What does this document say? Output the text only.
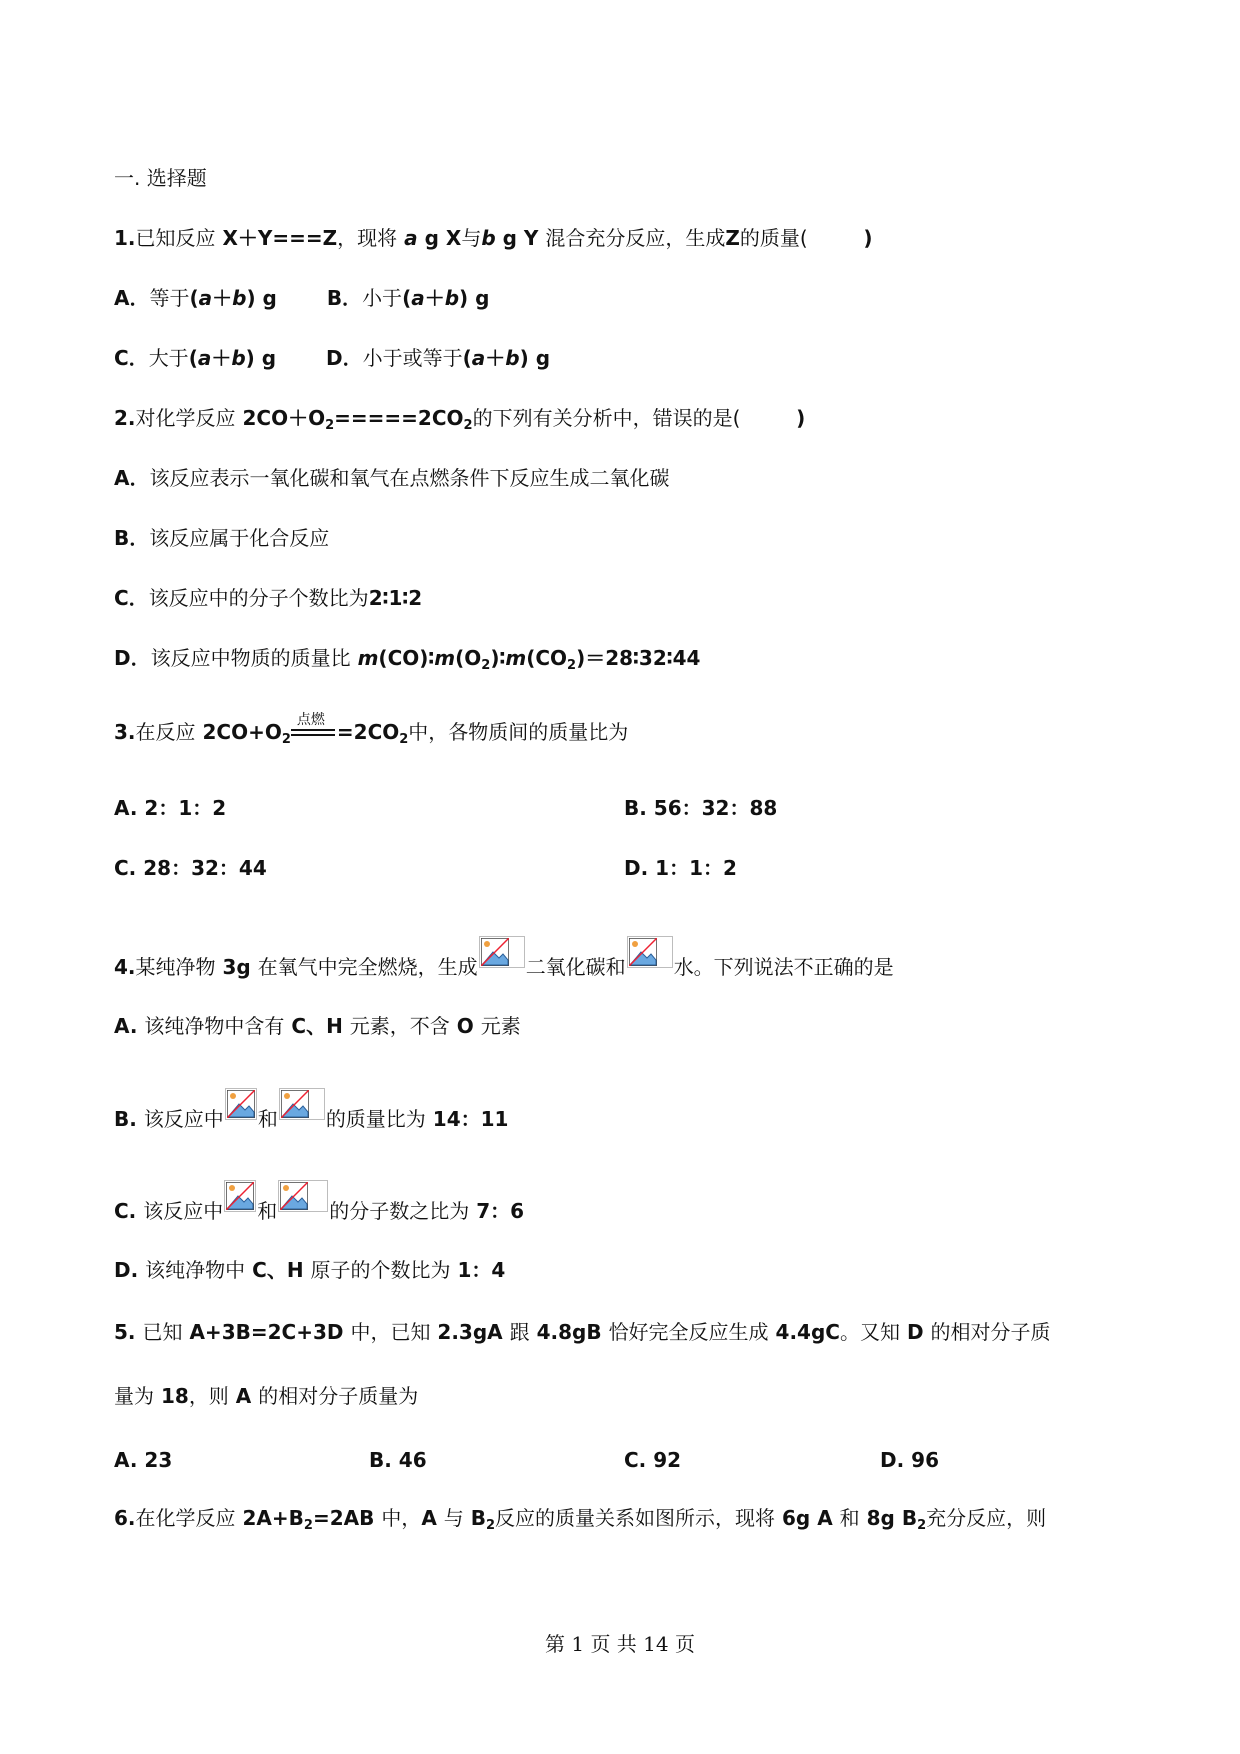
一. 选择题
1.已知反应 X＋Y===Z，现将 a g X与b g Y 混合充分反应，生成Z的质量(        )
A．等于(a＋b) g B．小于(a＋b) g
C．大于(a＋b) g D．小于或等于(a＋b) g
2.对化学反应 $2CO+O_2=====2CO_2$的下列有关分析中，错误的是(        )
A．该反应表示一氧化碳和氧气在点燃条件下反应生成二氧化碳
B．该反应属于化合反应
C．该反应中的分子个数比为2∶1∶2
D．该反应中物质的质量比 $m(CO)∶m(O_2)∶m(CO_2)=28∶32∶44$
3.在反应 $2CO+O_2$
点燃 $=2CO_2$中，各物质间的质量比为
A. 2：1：2	B. 56：32：88
C. 28：32：44	D. 1：1：2
4.某纯净物 3g 在氧气中完全燃烧，生成 二氧化碳和 水。下列说法不正确的是
A. 该纯净物中含有 C、H 元素，不含 O 元素
B. 该反应中 和 的质量比为 14：11
C. 该反应中 和	的分子数之比为 7：6
D. 该纯净物中 C、H 原子的个数比为 1：4
5. 已知 A+3B=2C+3D 中，已知 2.3gA 跟 4.8gB 恰好完全反应生成 4.4gC。又知 D 的相对分子质
量为 18，则 A 的相对分子质量为
A. 23	B. 46	C. 92	D. 96
6.在化学反应 $2A+B_2=2AB$ 中，A 与 $B_2$反应的质量关系如图所示，现将 6g A 和 8g $B_2$充分反应，则
第 1 页 共 14 页
